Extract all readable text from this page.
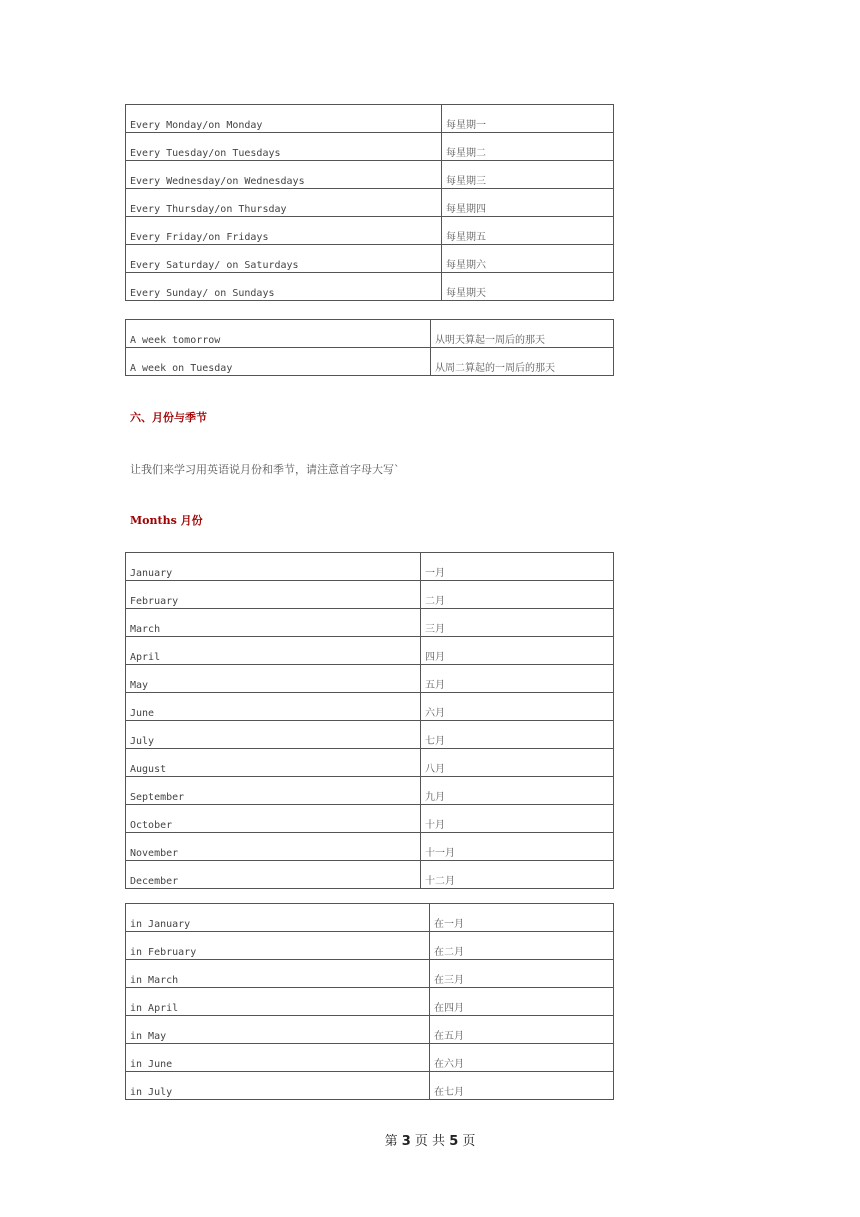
Every Monday/on Monday	每星期一
Every Tuesday/on Tuesdays	每星期二
Every Wednesday/on Wednesdays	每星期三
Every Thursday/on Thursday	每星期四
Every Friday/on Fridays	每星期五
Every Saturday/ on Saturdays	每星期六
Every Sunday/ on Sundays	每星期天
A week tomorrow	从明天算起一周后的那天
A week on Tuesday	从周二算起的一周后的那天
六、月份与季节
让我们来学习用英语说月份和季节，请注意首字母大写`
Months 月份
January	一月
February	二月
March	三月
April	四月
May	五月
June	六月
July	七月
August	八月
September	九月
October	十月
November	十一月
December	十二月
in January	在一月
in February	在二月
in March	在三月
in April	在四月
in May	在五月
in June	在六月
in July	在七月
第 3 页 共 5 页
